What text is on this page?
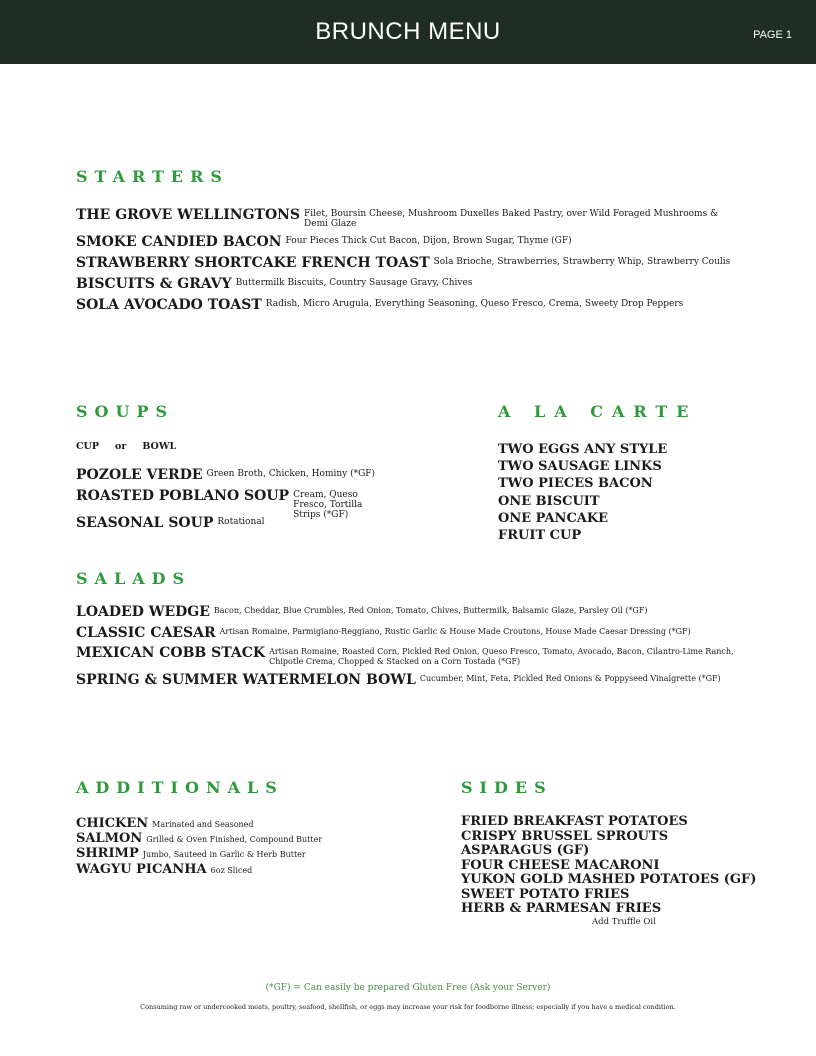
BRUNCH MENU	PAGE 1
STARTERS
THE GROVE WELLINGTONS Filet, Boursin Cheese, Mushroom Duxelles Baked Pastry, over Wild Foraged Mushrooms & Demi Glaze
SMOKE CANDIED BACON Four Pieces Thick Cut Bacon, Dijon, Brown Sugar, Thyme (GF)
STRAWBERRY SHORTCAKE FRENCH TOAST Sola Brioche, Strawberries, Strawberry Whip, Strawberry Coulis
BISCUITS & GRAVY Buttermilk Biscuits, Country Sausage Gravy, Chives
SOLA AVOCADO TOAST Radish, Micro Arugula, Everything Seasoning, Queso Fresco, Crema, Sweety Drop Peppers
SOUPS
CUP or BOWL
POZOLE VERDE Green Broth, Chicken, Hominy (*GF)
ROASTED POBLANO SOUP Cream, Queso Fresco, Tortilla Strips (*GF)
SEASONAL SOUP Rotational
A LA CARTE
TWO EGGS ANY STYLE
TWO SAUSAGE LINKS
TWO PIECES BACON
ONE BISCUIT
ONE PANCAKE
FRUIT CUP
SALADS
LOADED WEDGE Bacon, Cheddar, Blue Crumbles, Red Onion, Tomato, Chives, Buttermilk, Balsamic Glaze, Parsley Oil (*GF)
CLASSIC CAESAR Artisan Romaine, Parmigiano-Reggiano, Rustic Garlic & House Made Croutons, House Made Caesar Dressing (*GF)
MEXICAN COBB STACK Artisan Romaine, Roasted Corn, Pickled Red Onion, Queso Fresco, Tomato, Avocado, Bacon, Cilantro-Lime Ranch, Chipotle Crema, Chopped & Stacked on a Corn Tostada (*GF)
SPRING & SUMMER WATERMELON BOWL Cucumber, Mint, Feta, Pickled Red Onions & Poppyseed Vinaigrette (*GF)
ADDITIONALS
CHICKEN Marinated and Seasoned
SALMON Grilled & Oven Finished, Compound Butter
SHRIMP Jumbo, Sauteed in Garlic & Herb Butter
WAGYU PICANHA 6oz Sliced
SIDES
FRIED BREAKFAST POTATOES
CRISPY BRUSSEL SPROUTS
ASPARAGUS (GF)
FOUR CHEESE MACARONI
YUKON GOLD MASHED POTATOES (GF)
SWEET POTATO FRIES
HERB & PARMESAN FRIES
Add Truffle Oil
(*GF) = Can easily be prepared Gluten Free (Ask your Server)
Consuming raw or undercooked meats, poultry, seafood, shellfish, or eggs may increase your risk for foodborne illness; especially if you have a medical condition.
